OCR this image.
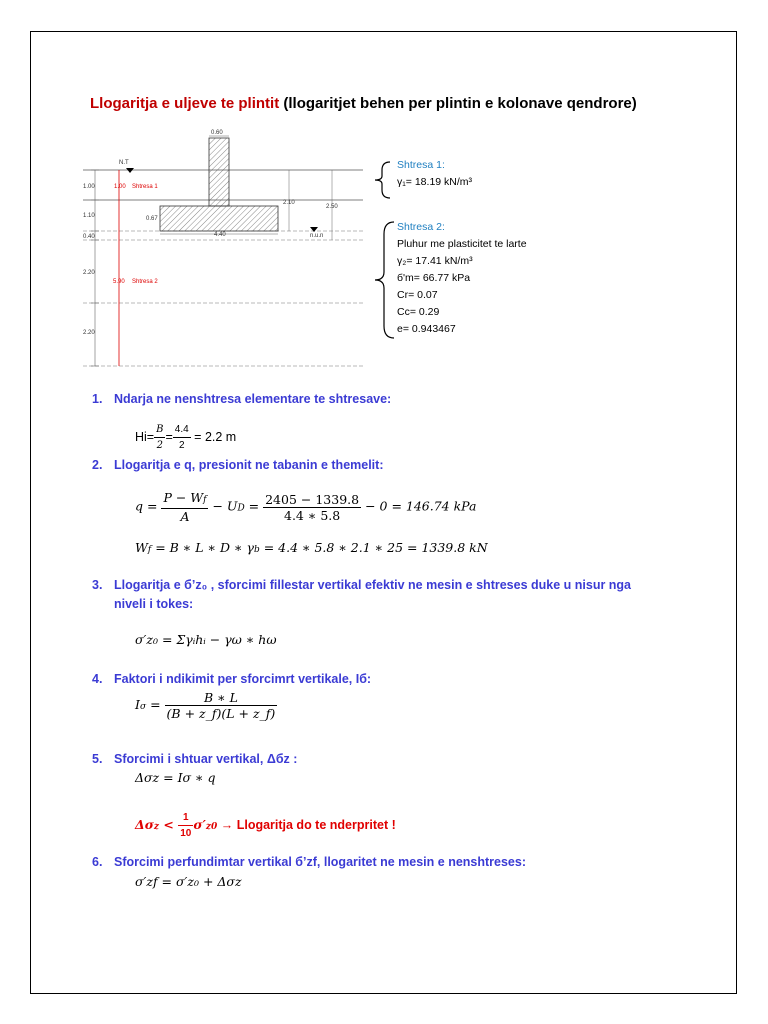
Llogaritja e uljeve te plintit (llogaritjet behen per plintin e kolonave qendrore)
1.00
1.10
0.40
2.20
2.20
1.00 Shtresa 1
5.90 Shtresa 2
N.T
0.60
0.67
4.40
2.10
2.50
n.u.n
Shtresa 1:
γ₁= 18.19 kN/m³
Shtresa 2:
Pluhur me plasticitet te larte
γ₂= 17.41 kN/m³
б'm= 66.77 kPa
Cr= 0.07
Cc= 0.29
e= 0.943467
1. Ndarja ne nenshtresa elementare te shtresave:
$Hi= \frac{B}{2} = \frac{4.4}{2} = 2.2$ m
2. Llogaritja e q, presionit ne tabanin e themelit:
$q = \frac{P - Wf}{A}$ − UD = $\frac{2405 - 1339.8}{4.4 ∗ 5.8} - 0 = 146.74$ kPa
Wf = B ∗ L ∗ D ∗ γb = 4.4 ∗ 5.8 ∗ 2.1 ∗ 25 = 1339.8 kN
3. Llogaritja e б’z₀ , sforcimi fillestar vertikal efektiv ne mesin e shtreses duke u nisur nga
niveli i tokes:
σ′z₀ = Σγᵢhᵢ − γω ∗ hω
4. Faktori i ndikimit per sforcimrt vertikale, Iб:
$I\sigma = \frac{B ∗ L}{(B + z\_f)(L + z\_f)}$
5. Sforcimi i shtuar vertikal, Δбz :
Δσz = Iσ ∗ q
$\Delta\sigma z < \frac{1}{10} \sigma'z0$ → Llogaritja do te nderpritet !
6. Sforcimi perfundimtar vertikal б’zf, llogaritet ne mesin e nenshtreses:
σ′zf = σ′z₀ + Δσz
